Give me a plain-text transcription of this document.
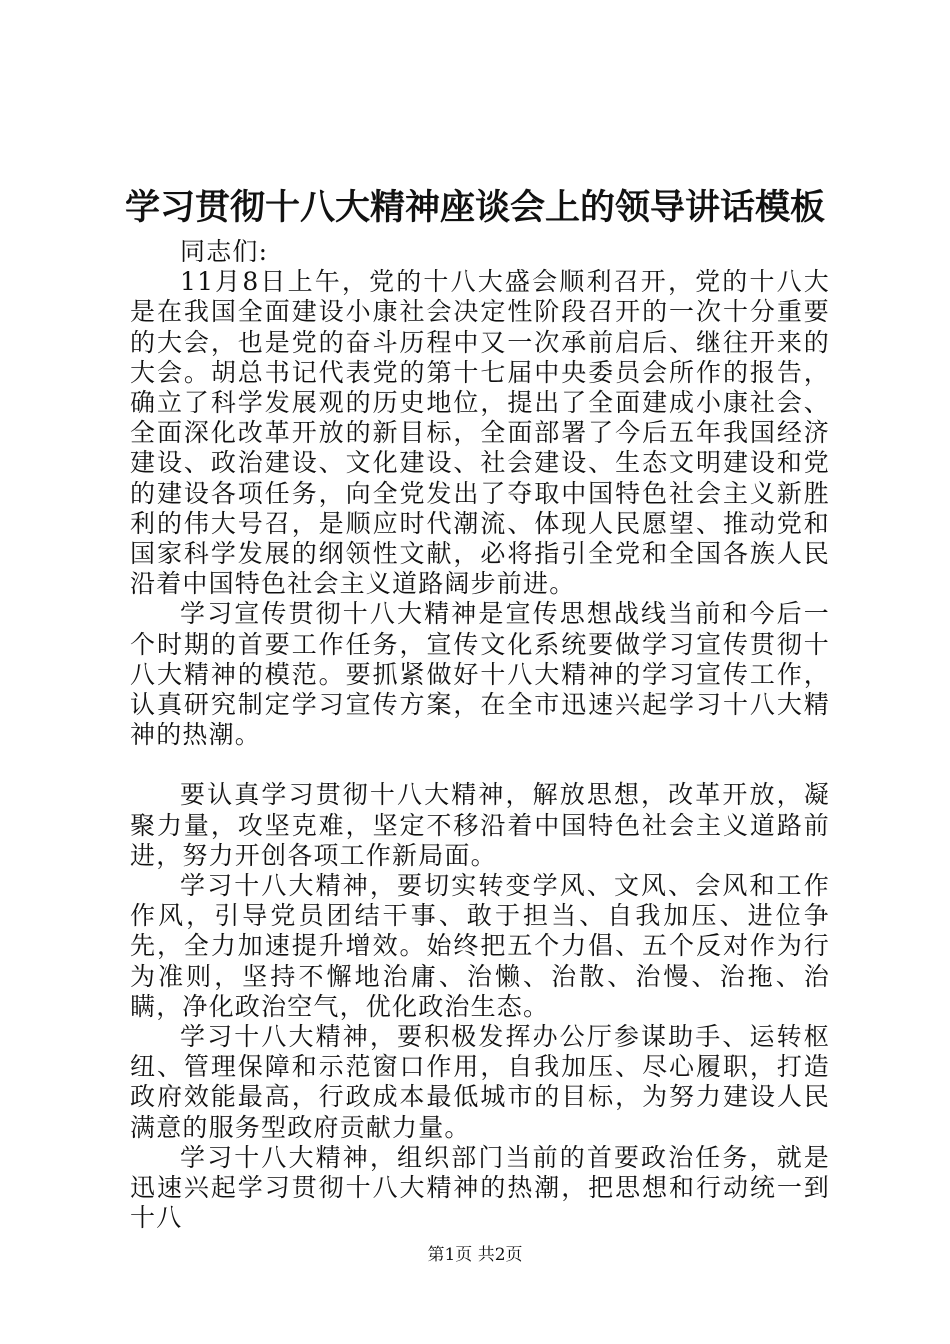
学习贯彻十八大精神座谈会上的领导讲话模板

同志们:

11月8日上午，党的十八大盛会顺利召开，党的十八大是在我国全面建设小康社会决定性阶段召开的一次十分重要的大会，也是党的奋斗历程中又一次承前启后、继往开来的大会。胡总书记代表党的第十七届中央委员会所作的报告，确立了科学发展观的历史地位，提出了全面建成小康社会、全面深化改革开放的新目标，全面部署了今后五年我国经济建设、政治建设、文化建设、社会建设、生态文明建设和党的建设各项任务，向全党发出了夺取中国特色社会主义新胜利的伟大号召，是顺应时代潮流、体现人民愿望、推动党和国家科学发展的纲领性文献，必将指引全党和全国各族人民沿着中国特色社会主义道路阔步前进。

学习宣传贯彻十八大精神是宣传思想战线当前和今后一个时期的首要工作任务，宣传文化系统要做学习宣传贯彻十八大精神的模范。要抓紧做好十八大精神的学习宣传工作，认真研究制定学习宣传方案，在全市迅速兴起学习十八大精神的热潮。

要认真学习贯彻十八大精神，解放思想，改革开放，凝聚力量，攻坚克难，坚定不移沿着中国特色社会主义道路前进，努力开创各项工作新局面。

学习十八大精神，要切实转变学风、文风、会风和工作作风，引导党员团结干事、敢于担当、自我加压、进位争先，全力加速提升增效。始终把五个力倡、五个反对作为行为准则，坚持不懈地治庸、治懒、治散、治慢、治拖、治瞒，净化政治空气，优化政治生态。

学习十八大精神，要积极发挥办公厅参谋助手、运转枢纽、管理保障和示范窗口作用，自我加压、尽心履职，打造政府效能最高，行政成本最低城市的目标，为努力建设人民满意的服务型政府贡献力量。

学习十八大精神，组织部门当前的首要政治任务，就是迅速兴起学习贯彻十八大精神的热潮，把思想和行动统一到十八

第1页 共2页
